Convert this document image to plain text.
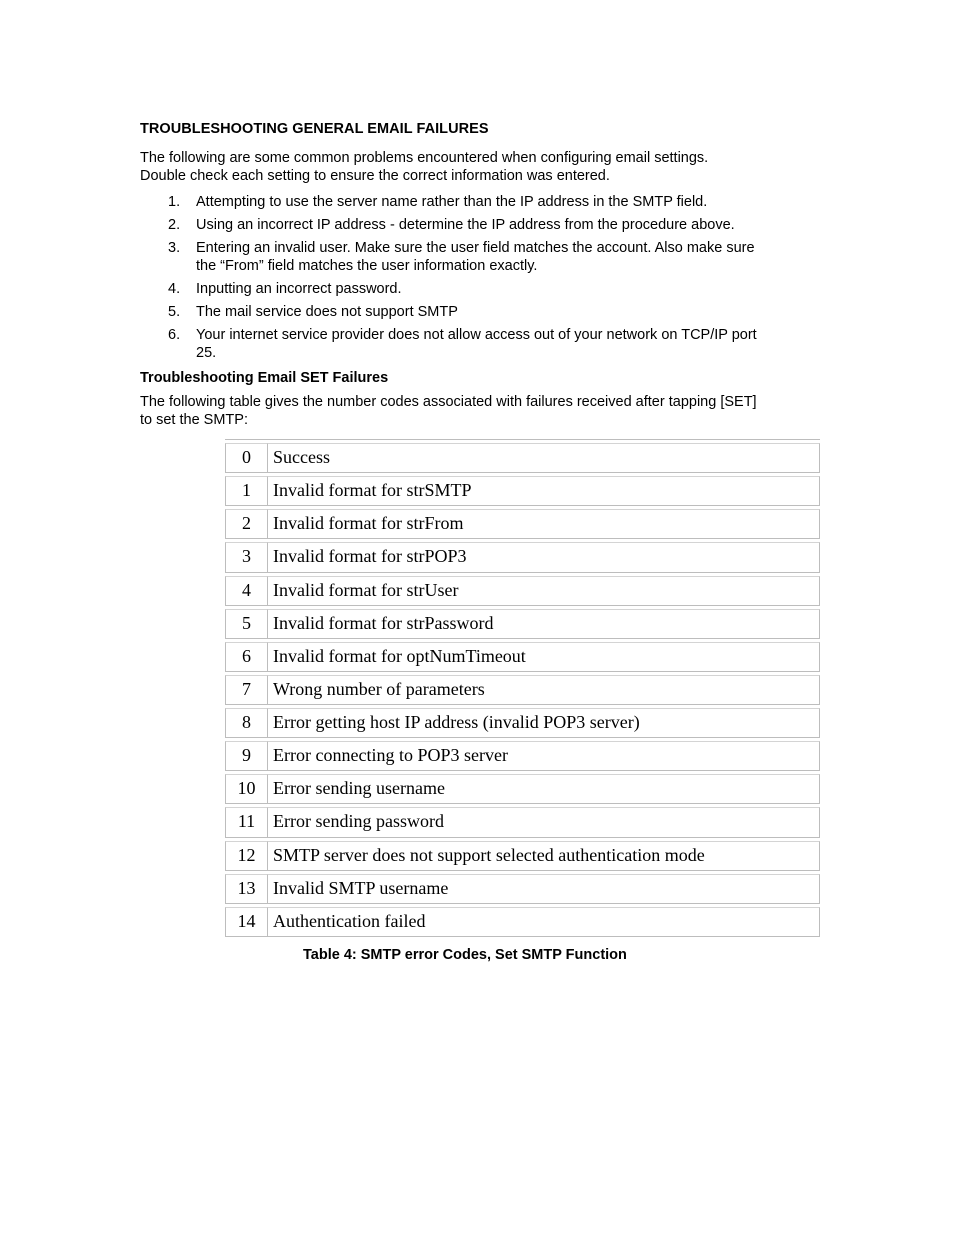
TROUBLESHOOTING GENERAL EMAIL FAILURES
The following are some common problems encountered when configuring email settings.
Double check each setting to ensure the correct information was entered.
1. Attempting to use the server name rather than the IP address in the SMTP field.
2. Using an incorrect IP address - determine the IP address from the procedure above.
3. Entering an invalid user. Make sure the user field matches the account. Also make sure
the “From” field matches the user information exactly.
4. Inputting an incorrect password.
5. The mail service does not support SMTP
6. Your internet service provider does not allow access out of your network on TCP/IP port
25.
Troubleshooting Email SET Failures
The following table gives the number codes associated with failures received after tapping [SET]
to set the SMTP:
0	Success
1	Invalid format for strSMTP
2	Invalid format for strFrom
3	Invalid format for strPOP3
4	Invalid format for strUser
5	Invalid format for strPassword
6	Invalid format for optNumTimeout
7	Wrong number of parameters
8	Error getting host IP address (invalid POP3 server)
9	Error connecting to POP3 server
10 Error sending username
11 Error sending password
12 SMTP server does not support selected authentication mode
13 Invalid SMTP username
14 Authentication failed

Table 4: SMTP error Codes, Set SMTP Function
